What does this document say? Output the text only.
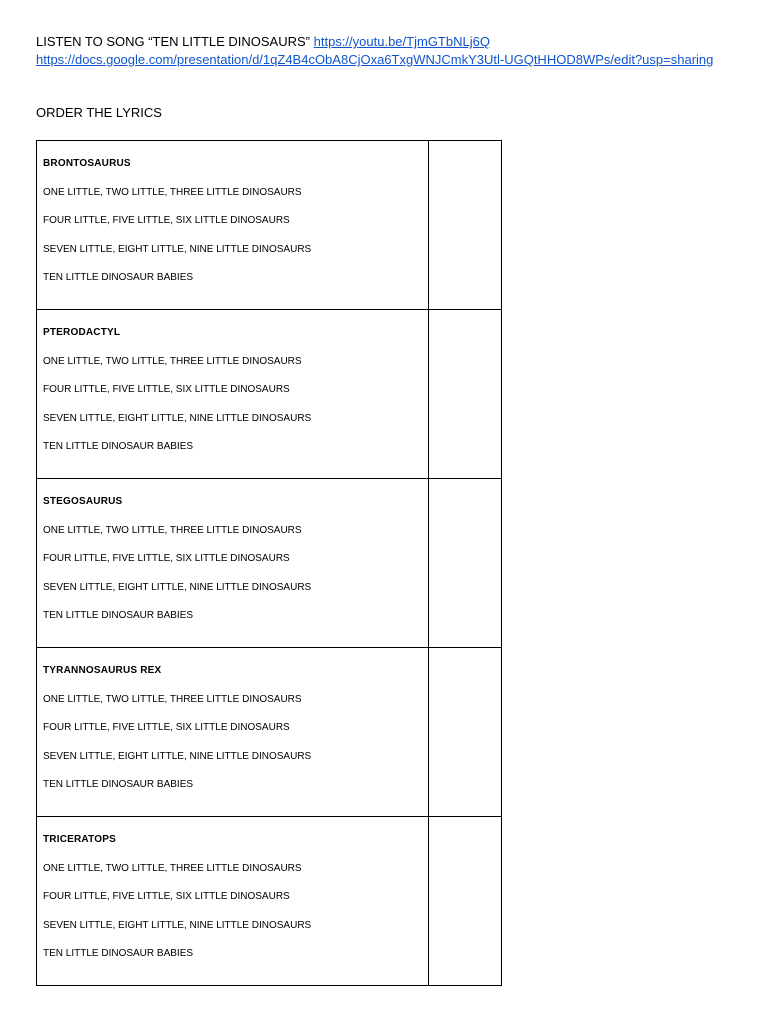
LISTEN TO SONG “TEN LITTLE DINOSAURS” https://youtu.be/TjmGTbNLj6Q
https://docs.google.com/presentation/d/1qZ4B4cObA8CjOxa6TxgWNJCmkY3Utl-UGQtHHOD8WPs/edit?usp=sharing
ORDER THE LYRICS
BRONTOSAURUS
ONE LITTLE, TWO LITTLE, THREE LITTLE DINOSAURS
FOUR LITTLE, FIVE LITTLE, SIX LITTLE DINOSAURS
SEVEN LITTLE, EIGHT LITTLE, NINE LITTLE DINOSAURS
TEN LITTLE DINOSAUR BABIES	

PTERODACTYL
ONE LITTLE, TWO LITTLE, THREE LITTLE DINOSAURS
FOUR LITTLE, FIVE LITTLE, SIX LITTLE DINOSAURS
SEVEN LITTLE, EIGHT LITTLE, NINE LITTLE DINOSAURS
TEN LITTLE DINOSAUR BABIES	

STEGOSAURUS
ONE LITTLE, TWO LITTLE, THREE LITTLE DINOSAURS
FOUR LITTLE, FIVE LITTLE, SIX LITTLE DINOSAURS
SEVEN LITTLE, EIGHT LITTLE, NINE LITTLE DINOSAURS
TEN LITTLE DINOSAUR BABIES	

TYRANNOSAURUS REX
ONE LITTLE, TWO LITTLE, THREE LITTLE DINOSAURS
FOUR LITTLE, FIVE LITTLE, SIX LITTLE DINOSAURS
SEVEN LITTLE, EIGHT LITTLE, NINE LITTLE DINOSAURS
TEN LITTLE DINOSAUR BABIES	

TRICERATOPS
ONE LITTLE, TWO LITTLE, THREE LITTLE DINOSAURS
FOUR LITTLE, FIVE LITTLE, SIX LITTLE DINOSAURS
SEVEN LITTLE, EIGHT LITTLE, NINE LITTLE DINOSAURS
TEN LITTLE DINOSAUR BABIES	
